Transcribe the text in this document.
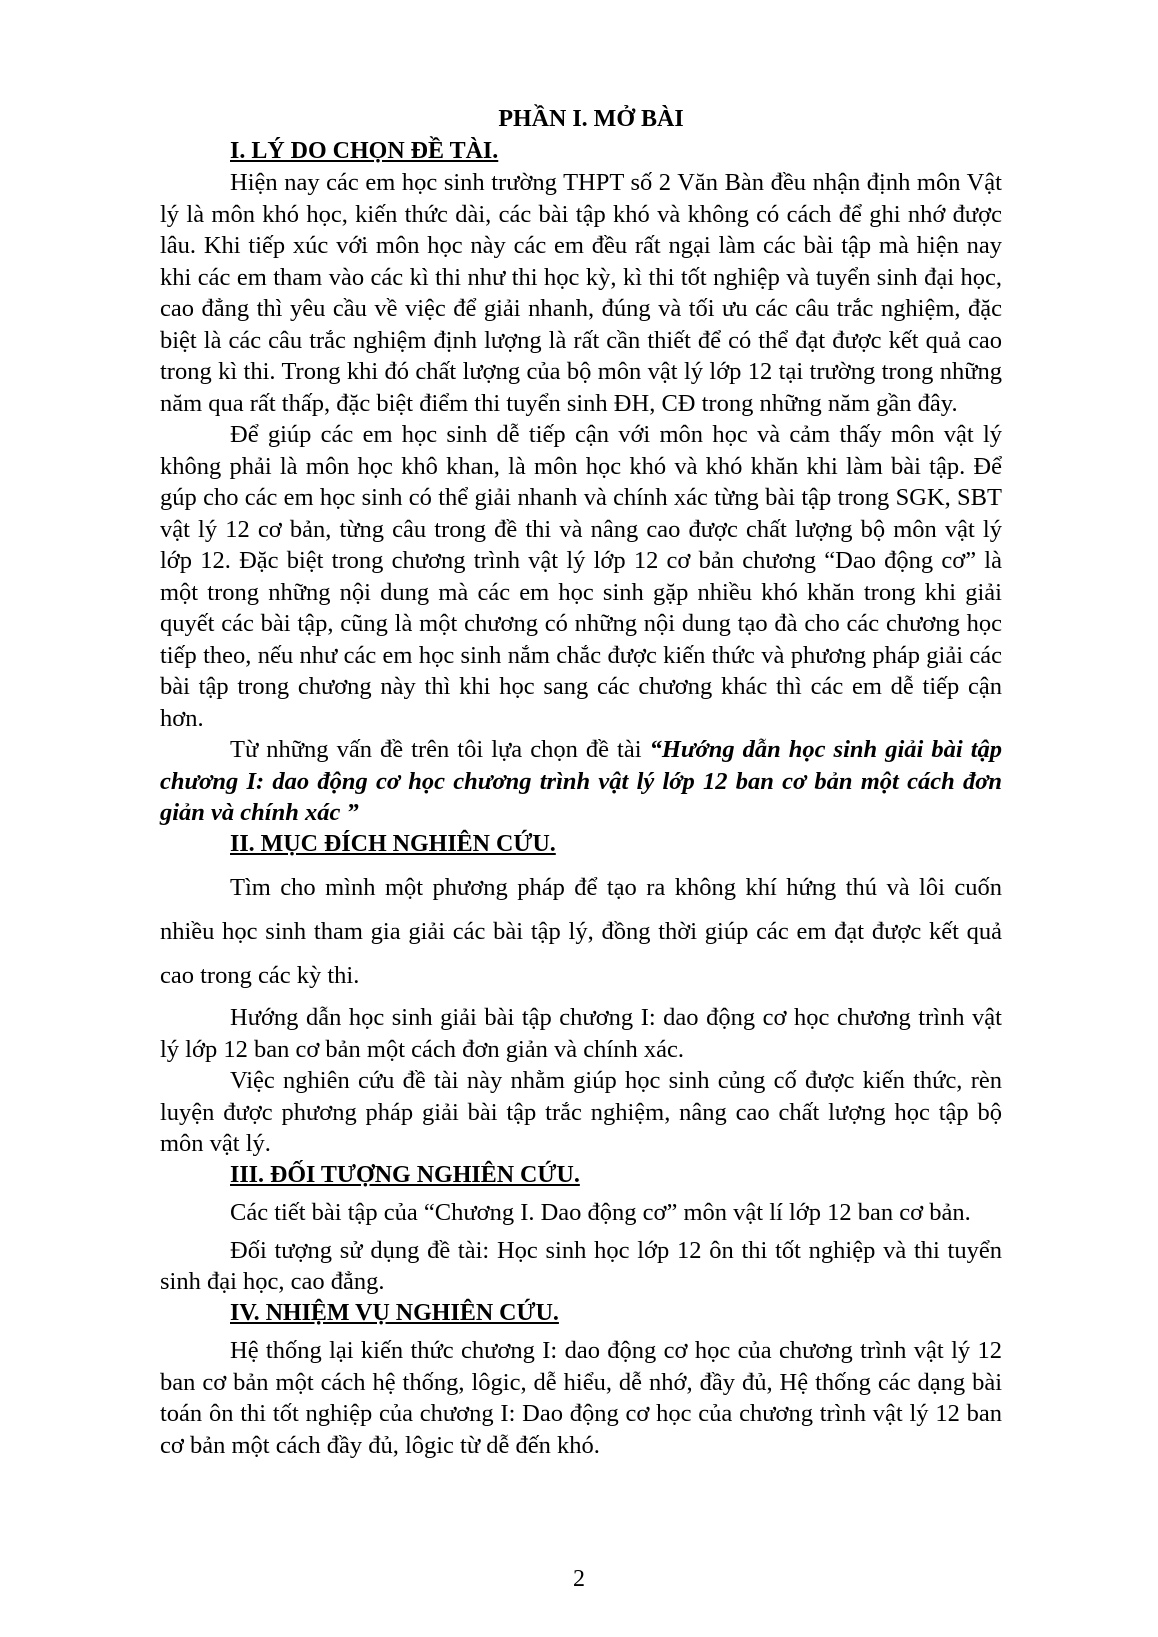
PHẦN I. MỞ BÀI
I. LÝ DO CHỌN ĐỀ TÀI.

Hiện nay các em học sinh trường THPT số 2 Văn Bàn đều nhận định môn Vật lý là môn khó học, kiến thức dài, các bài tập khó và không có cách để ghi nhớ được lâu. Khi tiếp xúc với môn học này các em đều rất ngại làm các bài tập mà hiện nay khi các em tham vào các kì thi như thi học kỳ, kì thi tốt nghiệp và tuyển sinh đại học, cao đẳng thì yêu cầu về việc để giải nhanh, đúng và tối ưu các câu trắc nghiệm, đặc biệt là các câu trắc nghiệm định lượng là rất cần thiết để có thể đạt được kết quả cao trong kì thi. Trong khi đó chất lượng của bộ môn vật lý lớp 12 tại trường trong những năm qua rất thấp, đặc biệt điểm thi tuyển sinh ĐH, CĐ trong những năm gần đây.

Để giúp các em học sinh dễ tiếp cận với môn học và cảm thấy môn vật lý không phải là môn học khô khan, là môn học khó và khó khăn khi làm bài tập. Để gúp cho các em học sinh có thể giải nhanh và chính xác từng bài tập trong SGK, SBT vật lý 12 cơ bản, từng câu trong đề thi và nâng cao được chất lượng bộ môn vật lý lớp 12. Đặc biệt trong chương trình vật lý lớp 12 cơ bản chương “Dao động cơ” là một trong những nội dung mà các em học sinh gặp nhiều khó khăn trong khi giải quyết các bài tập, cũng là một chương có những nội dung tạo đà cho các chương học tiếp theo, nếu như các em học sinh nắm chắc được kiến thức và phương pháp giải các bài tập trong chương này thì khi học sang các chương khác thì các em dễ tiếp cận hơn.

Từ những vấn đề trên tôi lựa chọn đề tài “Hướng dẫn học sinh giải bài tập chương I: dao động cơ học chương trình vật lý lớp 12 ban cơ bản một cách đơn giản và chính xác ”

II. MỤC ĐÍCH NGHIÊN CỨU.

Tìm cho mình một phương pháp để tạo ra không khí hứng thú và lôi cuốn nhiều học sinh tham gia giải các bài tập lý, đồng thời giúp các em đạt được kết quả cao trong các kỳ thi.

Hướng dẫn học sinh giải bài tập chương I: dao động cơ học chương trình vật lý lớp 12 ban cơ bản một cách đơn giản và chính xác.

Việc nghiên cứu đề tài này nhằm giúp học sinh củng cố được kiến thức, rèn luyện được phương pháp giải bài tập trắc nghiệm, nâng cao chất lượng học tập bộ môn vật lý.

III. ĐỐI TƯỢNG NGHIÊN CỨU.

Các tiết bài tập của “Chương I. Dao động cơ” môn vật lí lớp 12 ban cơ bản.

Đối tượng sử dụng đề tài: Học sinh học lớp 12 ôn thi tốt nghiệp và thi tuyển sinh đại học, cao đẳng.

IV. NHIỆM VỤ NGHIÊN CỨU.

Hệ thống lại kiến thức chương I: dao động cơ học của chương trình vật lý 12 ban cơ bản một cách hệ thống, lôgic, dễ hiểu, dễ nhớ, đầy đủ, Hệ thống các dạng bài toán ôn thi tốt nghiệp của chương I: Dao động cơ học của chương trình vật lý 12 ban cơ bản một cách đầy đủ, lôgic từ dễ đến khó.

2
